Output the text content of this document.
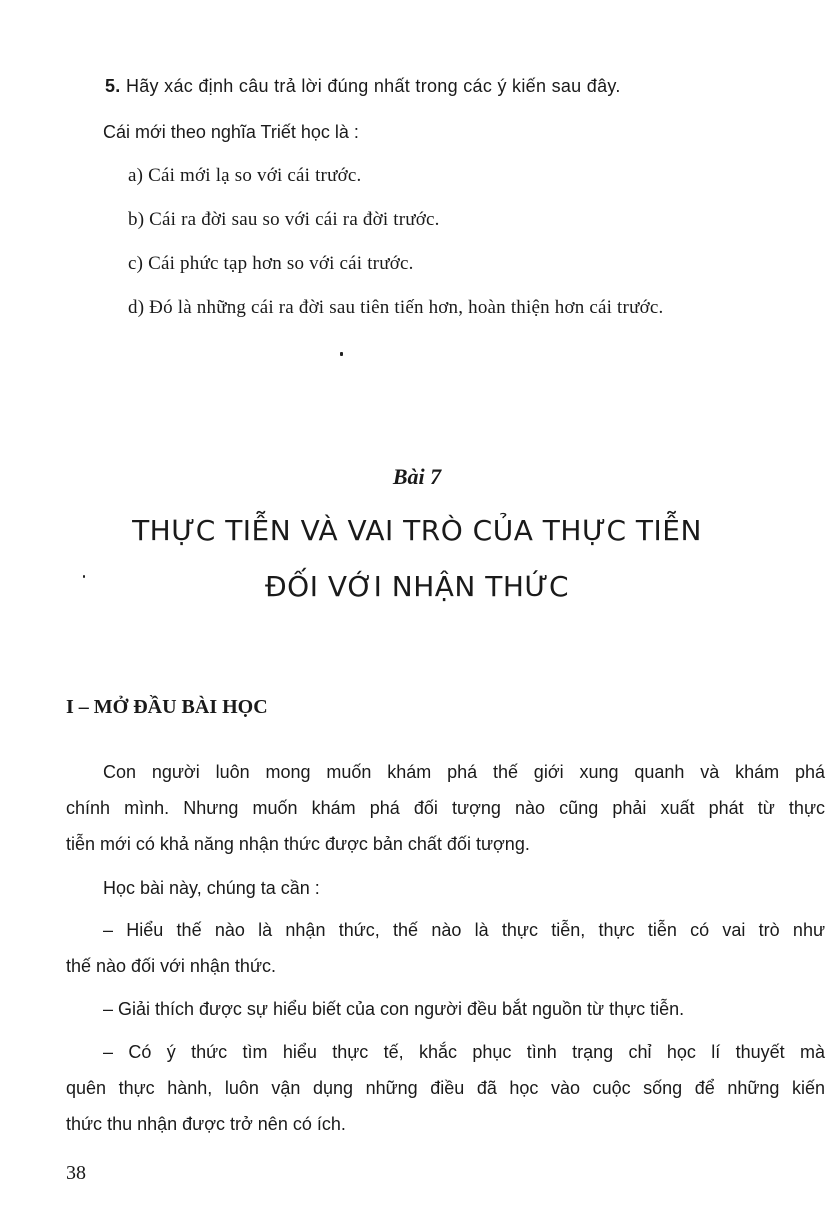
5. Hãy xác định câu trả lời đúng nhất trong các ý kiến sau đây.
Cái mới theo nghĩa Triết học là :
a) Cái mới lạ so với cái trước.
b) Cái ra đời sau so với cái ra đời trước.
c) Cái phức tạp hơn so với cái trước.
d) Đó là những cái ra đời sau tiên tiến hơn, hoàn thiện hơn cái trước.
Bài 7
THỰC TIỄN VÀ VAI TRÒ CỦA THỰC TIỄN
ĐỐI VỚI NHẬN THỨC
I – MỞ ĐẦU BÀI HỌC
Con người luôn mong muốn khám phá thế giới xung quanh và khám phá
chính mình. Nhưng muốn khám phá đối tượng nào cũng phải xuất phát từ thực
tiễn mới có khả năng nhận thức được bản chất đối tượng.
Học bài này, chúng ta cần :
– Hiểu thế nào là nhận thức, thế nào là thực tiễn, thực tiễn có vai trò như
thế nào đối với nhận thức.
– Giải thích được sự hiểu biết của con người đều bắt nguồn từ thực tiễn.
– Có ý thức tìm hiểu thực tế, khắc phục tình trạng chỉ học lí thuyết mà
quên thực hành, luôn vận dụng những điều đã học vào cuộc sống để những kiến
thức thu nhận được trở nên có ích.
38
